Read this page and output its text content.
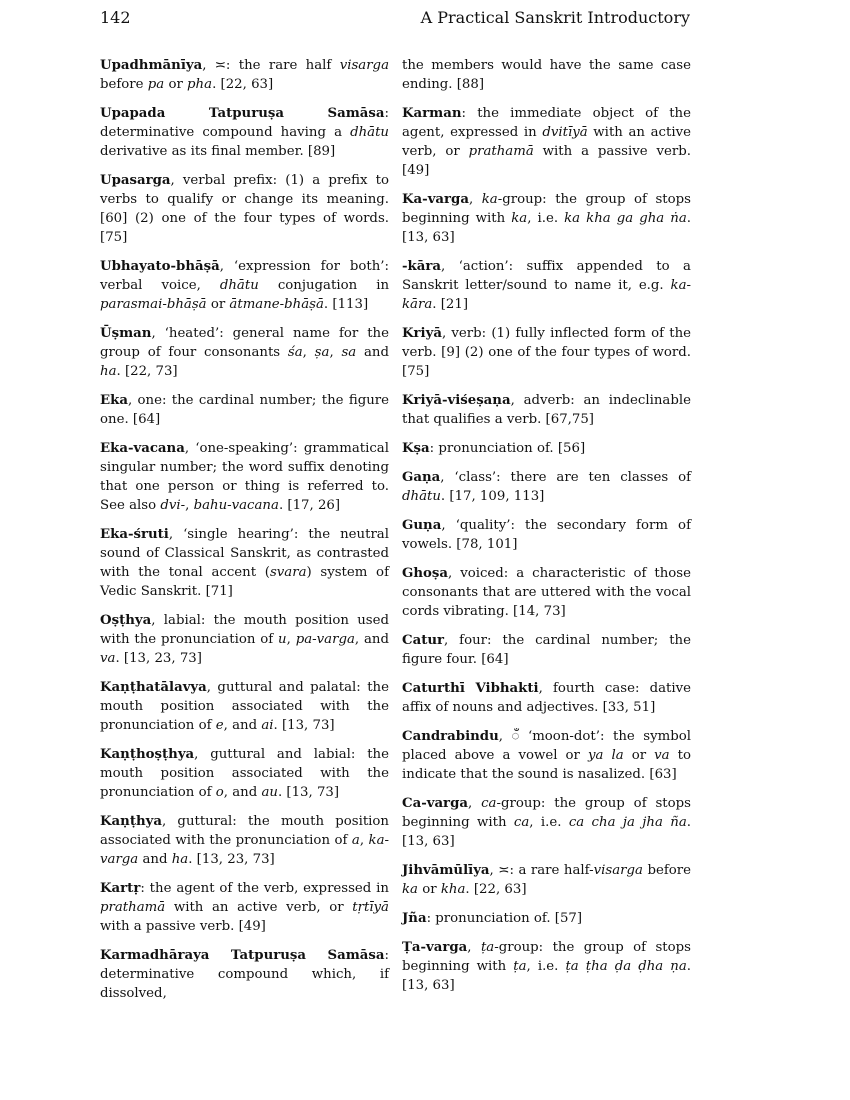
142	A Practical Sanskrit Introductory

Upadhmānīya, ≍: the rare half visarga before pa or pha. [22, 63]

Upapada Tatpuruṣa Samāsa: determinative compound having a dhātu derivative as its final member. [89]

Upasarga, verbal prefix: (1) a prefix to verbs to qualify or change its meaning. [60] (2) one of the four types of words. [75]

Ubhayato-bhāṣā, ‘expression for both’: verbal voice, dhātu conjugation in parasmai-bhāṣā or ātmane-bhāṣā. [113]

Ūṣman, ‘heated’: general name for the group of four consonants śa, ṣa, sa and ha. [22, 73]

Eka, one: the cardinal number; the figure one. [64]

Eka-vacana, ‘one-speaking’: grammatical singular number; the word suffix denoting that one person or thing is referred to. See also dvi-, bahu-vacana. [17, 26]

Eka-śruti, ‘single hearing’: the neutral sound of Classical Sanskrit, as contrasted with the tonal accent (svara) system of Vedic Sanskrit. [71]

Oṣṭhya, labial: the mouth position used with the pronunciation of u, pa-varga, and va. [13, 23, 73]

Kaṇṭhatālavya, guttural and palatal: the mouth position associated with the pronunciation of e, and ai. [13, 73]

Kaṇṭhoṣṭhya, guttural and labial: the mouth position associated with the pronunciation of o, and au. [13, 73]

Kaṇṭhya, guttural: the mouth position associated with the pronunciation of a, ka-varga and ha. [13, 23, 73]

Kartṛ: the agent of the verb, expressed in prathamā with an active verb, or tṛtīyā with a passive verb. [49]

Karmadhāraya Tatpuruṣa Samāsa: determinative compound which, if dissolved,

the members would have the same case ending. [88]

Karman: the immediate object of the agent, expressed in dvitīyā with an active verb, or prathamā with a passive verb. [49]

Ka-varga, ka-group: the group of stops beginning with ka, i.e. ka kha ga gha ṅa. [13, 63]

-kāra, ‘action’: suffix appended to a Sanskrit letter/sound to name it, e.g. ka-kāra. [21]

Kriyā, verb: (1) fully inflected form of the verb. [9] (2) one of the four types of word. [75]

Kriyā-viśeṣaṇa, adverb: an indeclinable that qualifies a verb. [67,75]

Kṣa: pronunciation of. [56]

Gaṇa, ‘class’: there are ten classes of dhātu. [17, 109, 113]

Guṇa, ‘quality’: the secondary form of vowels. [78, 101]

Ghoṣa, voiced: a characteristic of those consonants that are uttered with the vocal cords vibrating. [14, 73]

Catur, four: the cardinal number; the figure four. [64]

Caturthī Vibhakti, fourth case: dative affix of nouns and adjectives. [33, 51]

Candrabindu, ँ ‘moon-dot’: the symbol placed above a vowel or ya la or va to indicate that the sound is nasalized. [63]

Ca-varga, ca-group: the group of stops beginning with ca, i.e. ca cha ja jha ña. [13, 63]

Jihvāmūlīya, ≍: a rare half-visarga before ka or kha. [22, 63]

Jña: pronunciation of. [57]

Ṭa-varga, ṭa-group: the group of stops beginning with ṭa, i.e. ṭa ṭha ḍa ḍha ṇa. [13, 63]
